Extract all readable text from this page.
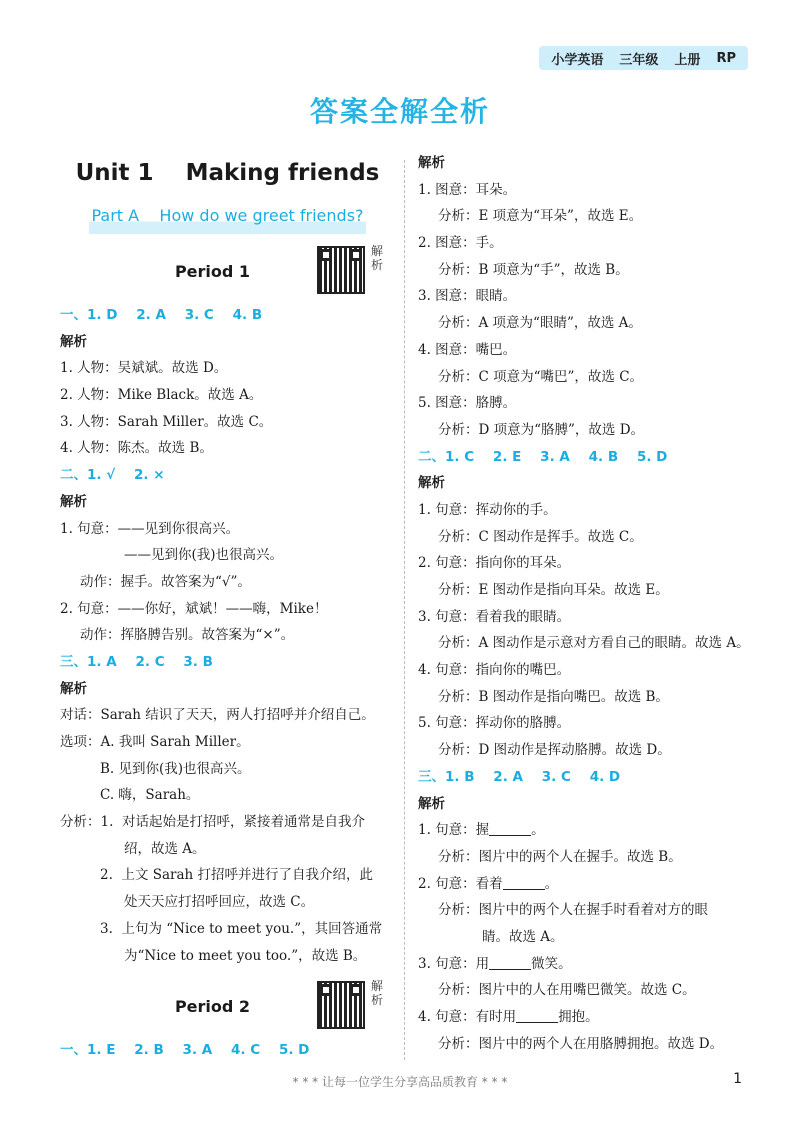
小学英语 三年级 上册 RP
答案全解全析
Unit 1    Making friends
Part A    How do we greet friends?
Period 1
解析
一、1. D    2. A    3. C    4. B
解析
1. 人物：吴斌斌。故选 D。
2. 人物：Mike Black。故选 A。
3. 人物：Sarah Miller。故选 C。
4. 人物：陈杰。故选 B。
二、1. √    2. ×
解析
1. 句意：——见到你很高兴。
——见到你(我)也很高兴。
动作：握手。故答案为“√”。
2. 句意：——你好，斌斌！——嗨，Mike！
动作：挥胳膊告别。故答案为“×”。
三、1. A    2. C    3. B
解析
对话：Sarah 结识了天天，两人打招呼并介绍自己。
选项：A. 我叫 Sarah Miller。
B. 见到你(我)也很高兴。
C. 嗨，Sarah。
分析：1.  对话起始是打招呼，紧接着通常是自我介
绍，故选 A。
2.  上文 Sarah 打招呼并进行了自我介绍，此
处天天应打招呼回应，故选 C。
3.  上句为 “Nice to meet you.”，其回答通常
为“Nice to meet you too.”，故选 B。
Period 2
解析
一、1. E    2. B    3. A    4. C    5. D
解析
1. 图意：耳朵。
分析：E 项意为“耳朵”，故选 E。
2. 图意：手。
分析：B 项意为“手”，故选 B。
3. 图意：眼睛。
分析：A 项意为“眼睛”，故选 A。
4. 图意：嘴巴。
分析：C 项意为“嘴巴”，故选 C。
5. 图意：胳膊。
分析：D 项意为“胳膊”，故选 D。
二、1. C    2. E    3. A    4. B    5. D
解析
1. 句意：挥动你的手。
分析：C 图动作是挥手。故选 C。
2. 句意：指向你的耳朵。
分析：E 图动作是指向耳朵。故选 E。
3. 句意：看着我的眼睛。
分析：A 图动作是示意对方看自己的眼睛。故选 A。
4. 句意：指向你的嘴巴。
分析：B 图动作是指向嘴巴。故选 B。
5. 句意：挥动你的胳膊。
分析：D 图动作是挥动胳膊。故选 D。
三、1. B    2. A    3. C    4. D
解析
1. 句意：握	。
分析：图片中的两个人在握手。故选 B。
2. 句意：看着	。
分析：图片中的两个人在握手时看着对方的眼
睛。故选 A。
3. 句意：用	微笑。
分析：图片中的人在用嘴巴微笑。故选 C。
4. 句意：有时用	拥抱。
分析：图片中的两个人在用胳膊拥抱。故选 D。
* * * 让每一位学生分享高品质教育 * * *	1
